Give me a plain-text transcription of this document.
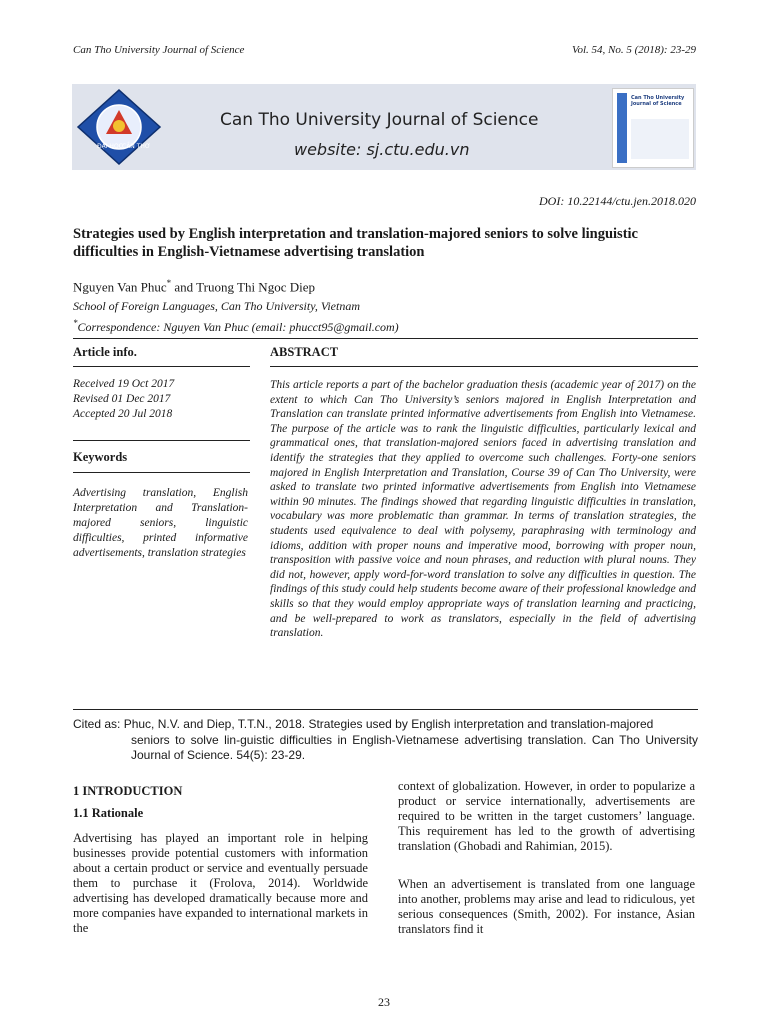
Can Tho University Journal of Science	Vol. 54, No. 5 (2018): 23-29
ĐẠI HỌC CẦN THƠ
Can Tho University Journal of Science
website: sj.ctu.edu.vn
Can Tho University Journal of Science
DOI: 10.22144/ctu.jen.2018.020
Strategies used by English interpretation and translation-majored seniors to solve linguistic difficulties in English-Vietnamese advertising translation
Nguyen Van Phuc* and Truong Thi Ngoc Diep
School of Foreign Languages, Can Tho University, Vietnam
*Correspondence: Nguyen Van Phuc (email: phucct95@gmail.com)
Article info.
Received 19 Oct 2017
Revised 01 Dec 2017
Accepted 20 Jul 2018
Keywords
Advertising translation, English Interpretation and Translation-majored seniors, linguistic difficulties, printed informative advertisements, translation strategies
ABSTRACT
This article reports a part of the bachelor graduation thesis (academic year of 2017) on the extent to which Can Tho University’s seniors majored in English Interpretation and Translation can translate printed informative advertisements from English into Vietnamese. The purpose of the article was to rank the linguistic difficulties, particularly lexical and grammatical ones, that translation-majored seniors faced in advertising translation and identify the strategies that they applied to overcome such challenges. Forty-one seniors majored in English Interpretation and Translation, Course 39 of Can Tho University, were asked to translate two printed informative advertisements from English into Vietnamese within 90 minutes. The findings showed that regarding linguistic difficulties in translation, vocabulary was more problematic than grammar. In terms of translation strategies, the students used equivalence to deal with polysemy, paraphrasing with terminology and idioms, addition with proper nouns and imperative mood, borrowing with proper noun, transposition with passive voice and noun phrases, and reduction with plural nouns. They did not, however, apply word-for-word translation to solve any difficulties in question. The findings of this study could help students become aware of their professional knowledge and skills so that they would employ appropriate ways of translation learning and practicing, and be well-prepared to work as translators, especially in the field of advertising translation.
Cited as: Phuc, N.V. and Diep, T.T.N., 2018. Strategies used by English interpretation and translation-majored
seniors to solve lin-guistic difficulties in English-Vietnamese advertising translation. Can Tho University Journal of Science. 54(5): 23-29.
1 INTRODUCTION
1.1 Rationale
Advertising has played an important role in helping businesses provide potential customers with information about a certain product or service and eventually persuade them to purchase it (Frolova, 2014). Worldwide advertising has developed dramatically because more and more companies have expanded to international markets in the
context of globalization. However, in order to popularize a product or service internationally, advertisements are required to be written in the target customers’ language. This requirement has led to the growth of advertising translation (Ghobadi and Rahimian, 2015).
When an advertisement is translated from one language into another, problems may arise and lead to ridiculous, yet serious consequences (Smith, 2002). For instance, Asian translators find it
23
